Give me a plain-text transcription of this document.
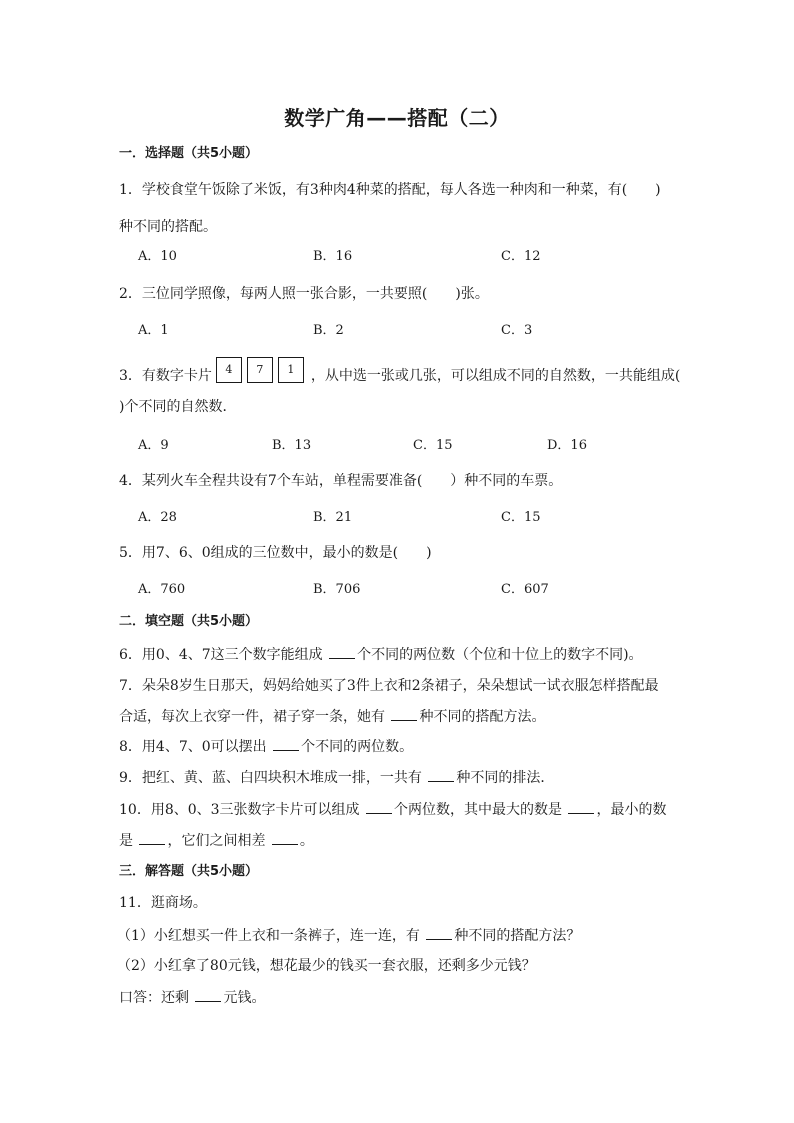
数学广角——搭配（二）
一．选择题（共5小题）
1．学校食堂午饭除了米饭，有3种肉4种菜的搭配，每人各选一种肉和一种菜，有(　　)
种不同的搭配。
A．10	B．16	C．12
2．三位同学照像，每两人照一张合影，一共要照(　　)张。
A．1	B．2	C．3
3．有数字卡片 4 7 1 ，从中选一张或几张，可以组成不同的自然数，一共能组成(
)个不同的自然数．
A．9	B．13	C．15	D．16
4．某列火车全程共设有7个车站，单程需要准备(　　）种不同的车票。
A．28	B．21	C．15
5．用7、6、0组成的三位数中，最小的数是(　　)
A．760	B．706	C．607
二．填空题（共5小题）
6．用0、4、7这三个数字能组成 个不同的两位数（个位和十位上的数字不同)。
7．朵朵8岁生日那天，妈妈给她买了3件上衣和2条裙子，朵朵想试一试衣服怎样搭配最
合适，每次上衣穿一件，裙子穿一条，她有 种不同的搭配方法。
8．用4、7、0可以摆出 个不同的两位数。
9．把红、黄、蓝、白四块积木堆成一排，一共有 种不同的排法．
10．用8、0、3三张数字卡片可以组成 个两位数，其中最大的数是 ，最小的数
是 ，它们之间相差 。
三．解答题（共5小题）
11．逛商场。
（1）小红想买一件上衣和一条裤子，连一连，有 种不同的搭配方法？
（2）小红拿了80元钱，想花最少的钱买一套衣服，还剩多少元钱？
口答：还剩 元钱。
